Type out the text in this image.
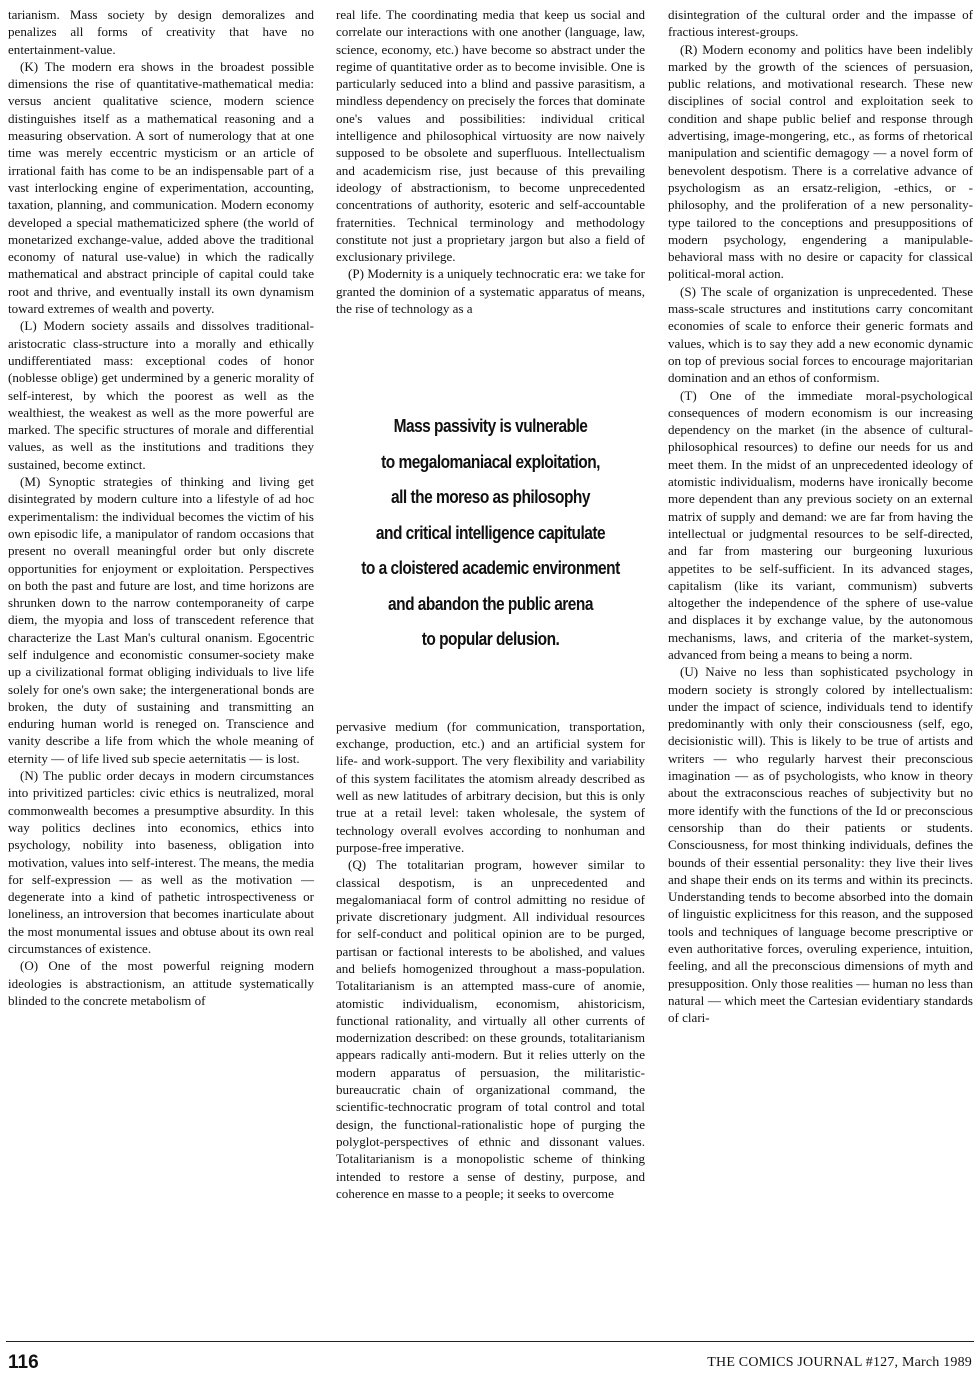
tarianism. Mass society by design demoralizes and penalizes all forms of creativity that have no entertainment-value.

(K) The modern era shows in the broadest possible dimensions the rise of quantitative-mathematical media: versus ancient qualitative science, modern science distinguishes itself as a mathematical reasoning and a measuring observation. A sort of numerology that at one time was merely eccentric mysticism or an article of irrational faith has come to be an indispensable part of a vast interlocking engine of experimentation, accounting, taxation, planning, and communication. Modern economy developed a special mathematicized sphere (the world of monetarized exchange-value, added above the traditional economy of natural use-value) in which the radically mathematical and abstract principle of capital could take root and thrive, and eventually install its own dynamism toward extremes of wealth and poverty.

(L) Modern society assails and dissolves traditional-aristocratic class-structure into a morally and ethically undifferentiated mass: exceptional codes of honor (noblesse oblige) get undermined by a generic morality of self-interest, by which the poorest as well as the wealthiest, the weakest as well as the more powerful are marked. The specific structures of morale and differential values, as well as the institutions and traditions they sustained, become extinct.

(M) Synoptic strategies of thinking and living get disintegrated by modern culture into a lifestyle of ad hoc experimentalism: the individual becomes the victim of his own episodic life, a manipulator of random occasions that present no overall meaningful order but only discrete opportunities for enjoyment or exploitation. Perspectives on both the past and future are lost, and time horizons are shrunken down to the narrow contemporaneity of carpe diem, the myopia and loss of transcedent reference that characterize the Last Man's cultural onanism. Egocentric self indulgence and economistic consumer-society make up a civilizational format obliging individuals to live life solely for one's own sake; the intergenerational bonds are broken, the duty of sustaining and transmitting an enduring human world is reneged on. Transcience and vanity describe a life from which the whole meaning of eternity — of life lived sub specie aeternitatis — is lost.

(N) The public order decays in modern circumstances into privitized particles: civic ethics is neutralized, moral commonwealth becomes a presumptive absurdity. In this way politics declines into economics, ethics into psychology, nobility into baseness, obligation into motivation, values into self-interest. The means, the media for self-expression — as well as the motivation — degenerate into a kind of pathetic introspectiveness or loneliness, an introversion that becomes inarticulate about the most monumental issues and obtuse about its own real circumstances of existence.

(O) One of the most powerful reigning modern ideologies is abstractionism, an attitude systematically blinded to the concrete metabolism of

real life. The coordinating media that keep us social and correlate our interactions with one another (language, law, science, economy, etc.) have become so abstract under the regime of quantitative order as to become invisible. One is particularly seduced into a blind and passive parasitism, a mindless dependency on precisely the forces that dominate one's values and possibilities: individual critical intelligence and philosophical virtuosity are now naively supposed to be obsolete and superfluous. Intellectualism and academicism rise, just because of this prevailing ideology of abstractionism, to become unprecedented concentrations of authority, esoteric and self-accountable fraternities. Technical terminology and methodology constitute not just a proprietary jargon but also a field of exclusionary privilege.

(P) Modernity is a uniquely technocratic era: we take for granted the dominion of a systematic apparatus of means, the rise of technology as a

Mass passivity is vulnerable
to megalomaniacal exploitation,
all the moreso as philosophy
and critical intelligence capitulate
to a cloistered academic environment
and abandon the public arena
to popular delusion.

pervasive medium (for communication, transportation, exchange, production, etc.) and an artificial system for life- and work-support. The very flexibility and variability of this system facilitates the atomism already described as well as new latitudes of arbitrary decision, but this is only true at a retail level: taken wholesale, the system of technology overall evolves according to nonhuman and purpose-free imperative.

(Q) The totalitarian program, however similar to classical despotism, is an unprecedented and megalomaniacal form of control admitting no residue of private discretionary judgment. All individual resources for self-conduct and political opinion are to be purged, partisan or factional interests to be abolished, and values and beliefs homogenized throughout a mass-population. Totalitarianism is an attempted mass-cure of anomie, atomistic individualism, economism, ahistoricism, functional rationality, and virtually all other currents of modernization described: on these grounds, totalitarianism appears radically anti-modern. But it relies utterly on the modern apparatus of persuasion, the militaristic-bureaucratic chain of organizational command, the scientific-technocratic program of total control and total design, the functional-rationalistic hope of purging the polyglot-perspectives of ethnic and dissonant values. Totalitarianism is a monopolistic scheme of thinking intended to restore a sense of destiny, purpose, and coherence en masse to a people; it seeks to overcome

disintegration of the cultural order and the impasse of fractious interest-groups.

(R) Modern economy and politics have been indelibly marked by the growth of the sciences of persuasion, public relations, and motivational research. These new disciplines of social control and exploitation seek to condition and shape public belief and response through advertising, image-mongering, etc., as forms of rhetorical manipulation and scientific demagogy — a novel form of benevolent despotism. There is a correlative advance of psychologism as an ersatz-religion, -ethics, or -philosophy, and the proliferation of a new personality-type tailored to the conceptions and presuppositions of modern psychology, engendering a manipulable-behavioral mass with no desire or capacity for classical political-moral action.

(S) The scale of organization is unprecedented. These mass-scale structures and institutions carry concomitant economies of scale to enforce their generic formats and values, which is to say they add a new economic dynamic on top of previous social forces to encourage majoritarian domination and an ethos of conformism.

(T) One of the immediate moral-psychological consequences of modern economism is our increasing dependency on the market (in the absence of cultural-philosophical resources) to define our needs for us and meet them. In the midst of an unprecedented ideology of atomistic individualism, moderns have ironically become more dependent than any previous society on an external matrix of supply and demand: we are far from having the intellectual or judgmental resources to be self-directed, and far from mastering our burgeoning luxurious appetites to be self-sufficient. In its advanced stages, capitalism (like its variant, communism) subverts altogether the independence of the sphere of use-value and displaces it by exchange value, by the autonomous mechanisms, laws, and criteria of the market-system, advanced from being a means to being a norm.

(U) Naive no less than sophisticated psychology in modern society is strongly colored by intellectualism: under the impact of science, individuals tend to identify predominantly with only their consciousness (self, ego, decisionistic will). This is likely to be true of artists and writers — who regularly harvest their preconscious imagination — as of psychologists, who know in theory about the extraconscious reaches of subjectivity but no more identify with the functions of the Id or preconscious censorship than do their patients or students. Consciousness, for most thinking individuals, defines the bounds of their essential personality: they live their lives and shape their ends on its terms and within its precincts. Understanding tends to become absorbed into the domain of linguistic explicitness for this reason, and the supposed tools and techniques of language become prescriptive or even authoritative forces, overuling experience, intuition, feeling, and all the preconscious dimensions of myth and presupposition. Only those realities — human no less than natural — which meet the Cartesian evidentiary standards of clari-

116	THE COMICS JOURNAL #127, March 1989
